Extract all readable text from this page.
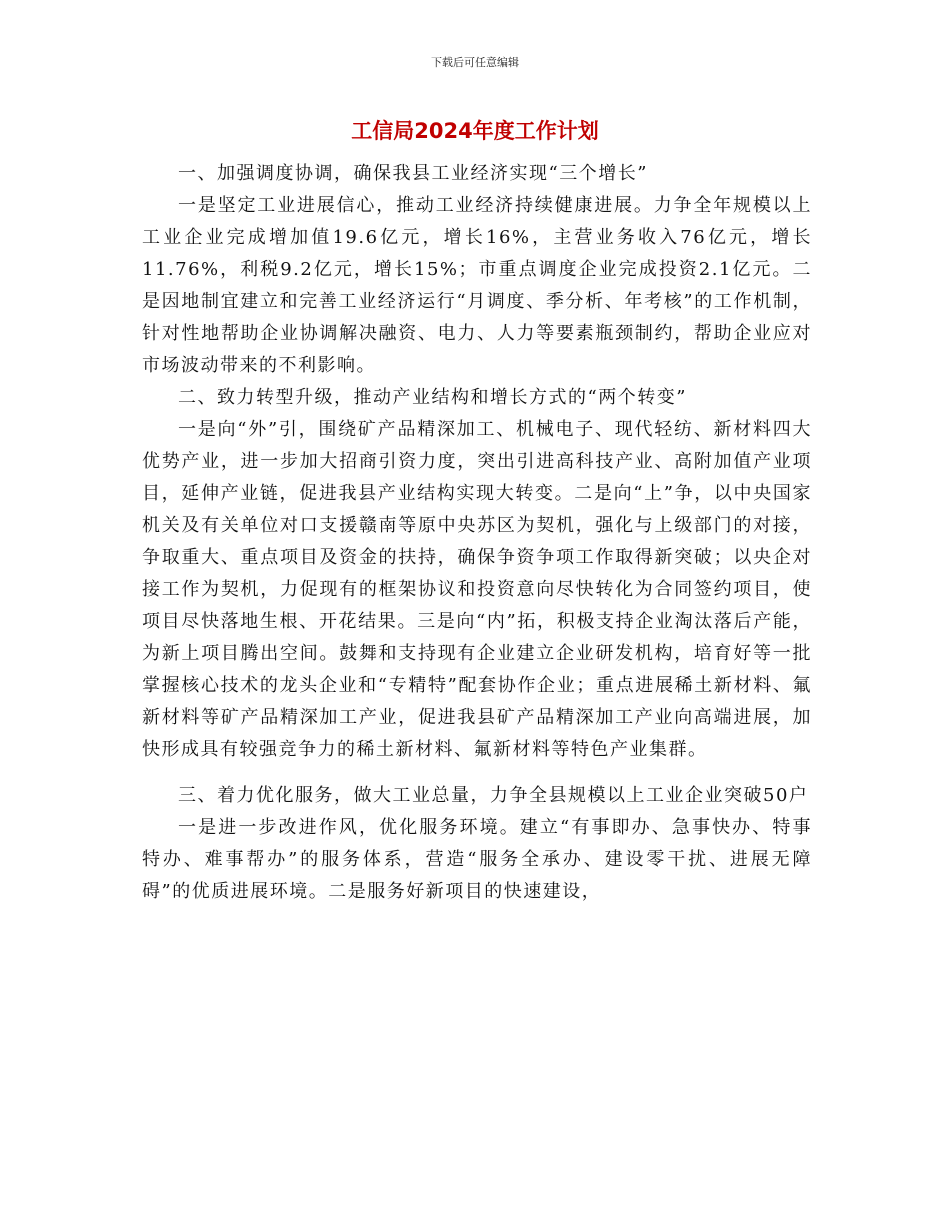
下载后可任意编辑
工信局2024年度工作计划

一、加强调度协调，确保我县工业经济实现“三个增长”

一是坚定工业进展信心，推动工业经济持续健康进展。力争全年规模以上工业企业完成增加值19.6亿元，增长16%，主营业务收入76亿元，增长11.76%，利税9.2亿元，增长15%；市重点调度企业完成投资2.1亿元。二是因地制宜建立和完善工业经济运行“月调度、季分析、年考核”的工作机制，针对性地帮助企业协调解决融资、电力、人力等要素瓶颈制约，帮助企业应对市场波动带来的不利影响。

二、致力转型升级，推动产业结构和增长方式的“两个转变”

一是向“外”引，围绕矿产品精深加工、机械电子、现代轻纺、新材料四大优势产业，进一步加大招商引资力度，突出引进高科技产业、高附加值产业项目，延伸产业链，促进我县产业结构实现大转变。二是向“上”争，以中央国家机关及有关单位对口支援赣南等原中央苏区为契机，强化与上级部门的对接，争取重大、重点项目及资金的扶持，确保争资争项工作取得新突破；以央企对接工作为契机，力促现有的框架协议和投资意向尽快转化为合同签约项目，使项目尽快落地生根、开花结果。三是向“内”拓，积极支持企业淘汰落后产能，为新上项目腾出空间。鼓舞和支持现有企业建立企业研发机构，培育好等一批掌握核心技术的龙头企业和“专精特”配套协作企业；重点进展稀土新材料、氟新材料等矿产品精深加工产业，促进我县矿产品精深加工产业向高端进展，加快形成具有较强竞争力的稀土新材料、氟新材料等特色产业集群。

三、着力优化服务，做大工业总量，力争全县规模以上工业企业突破50户

一是进一步改进作风，优化服务环境。建立“有事即办、急事快办、特事特办、难事帮办”的服务体系，营造“服务全承办、建设零干扰、进展无障碍”的优质进展环境。二是服务好新项目的快速建设，
